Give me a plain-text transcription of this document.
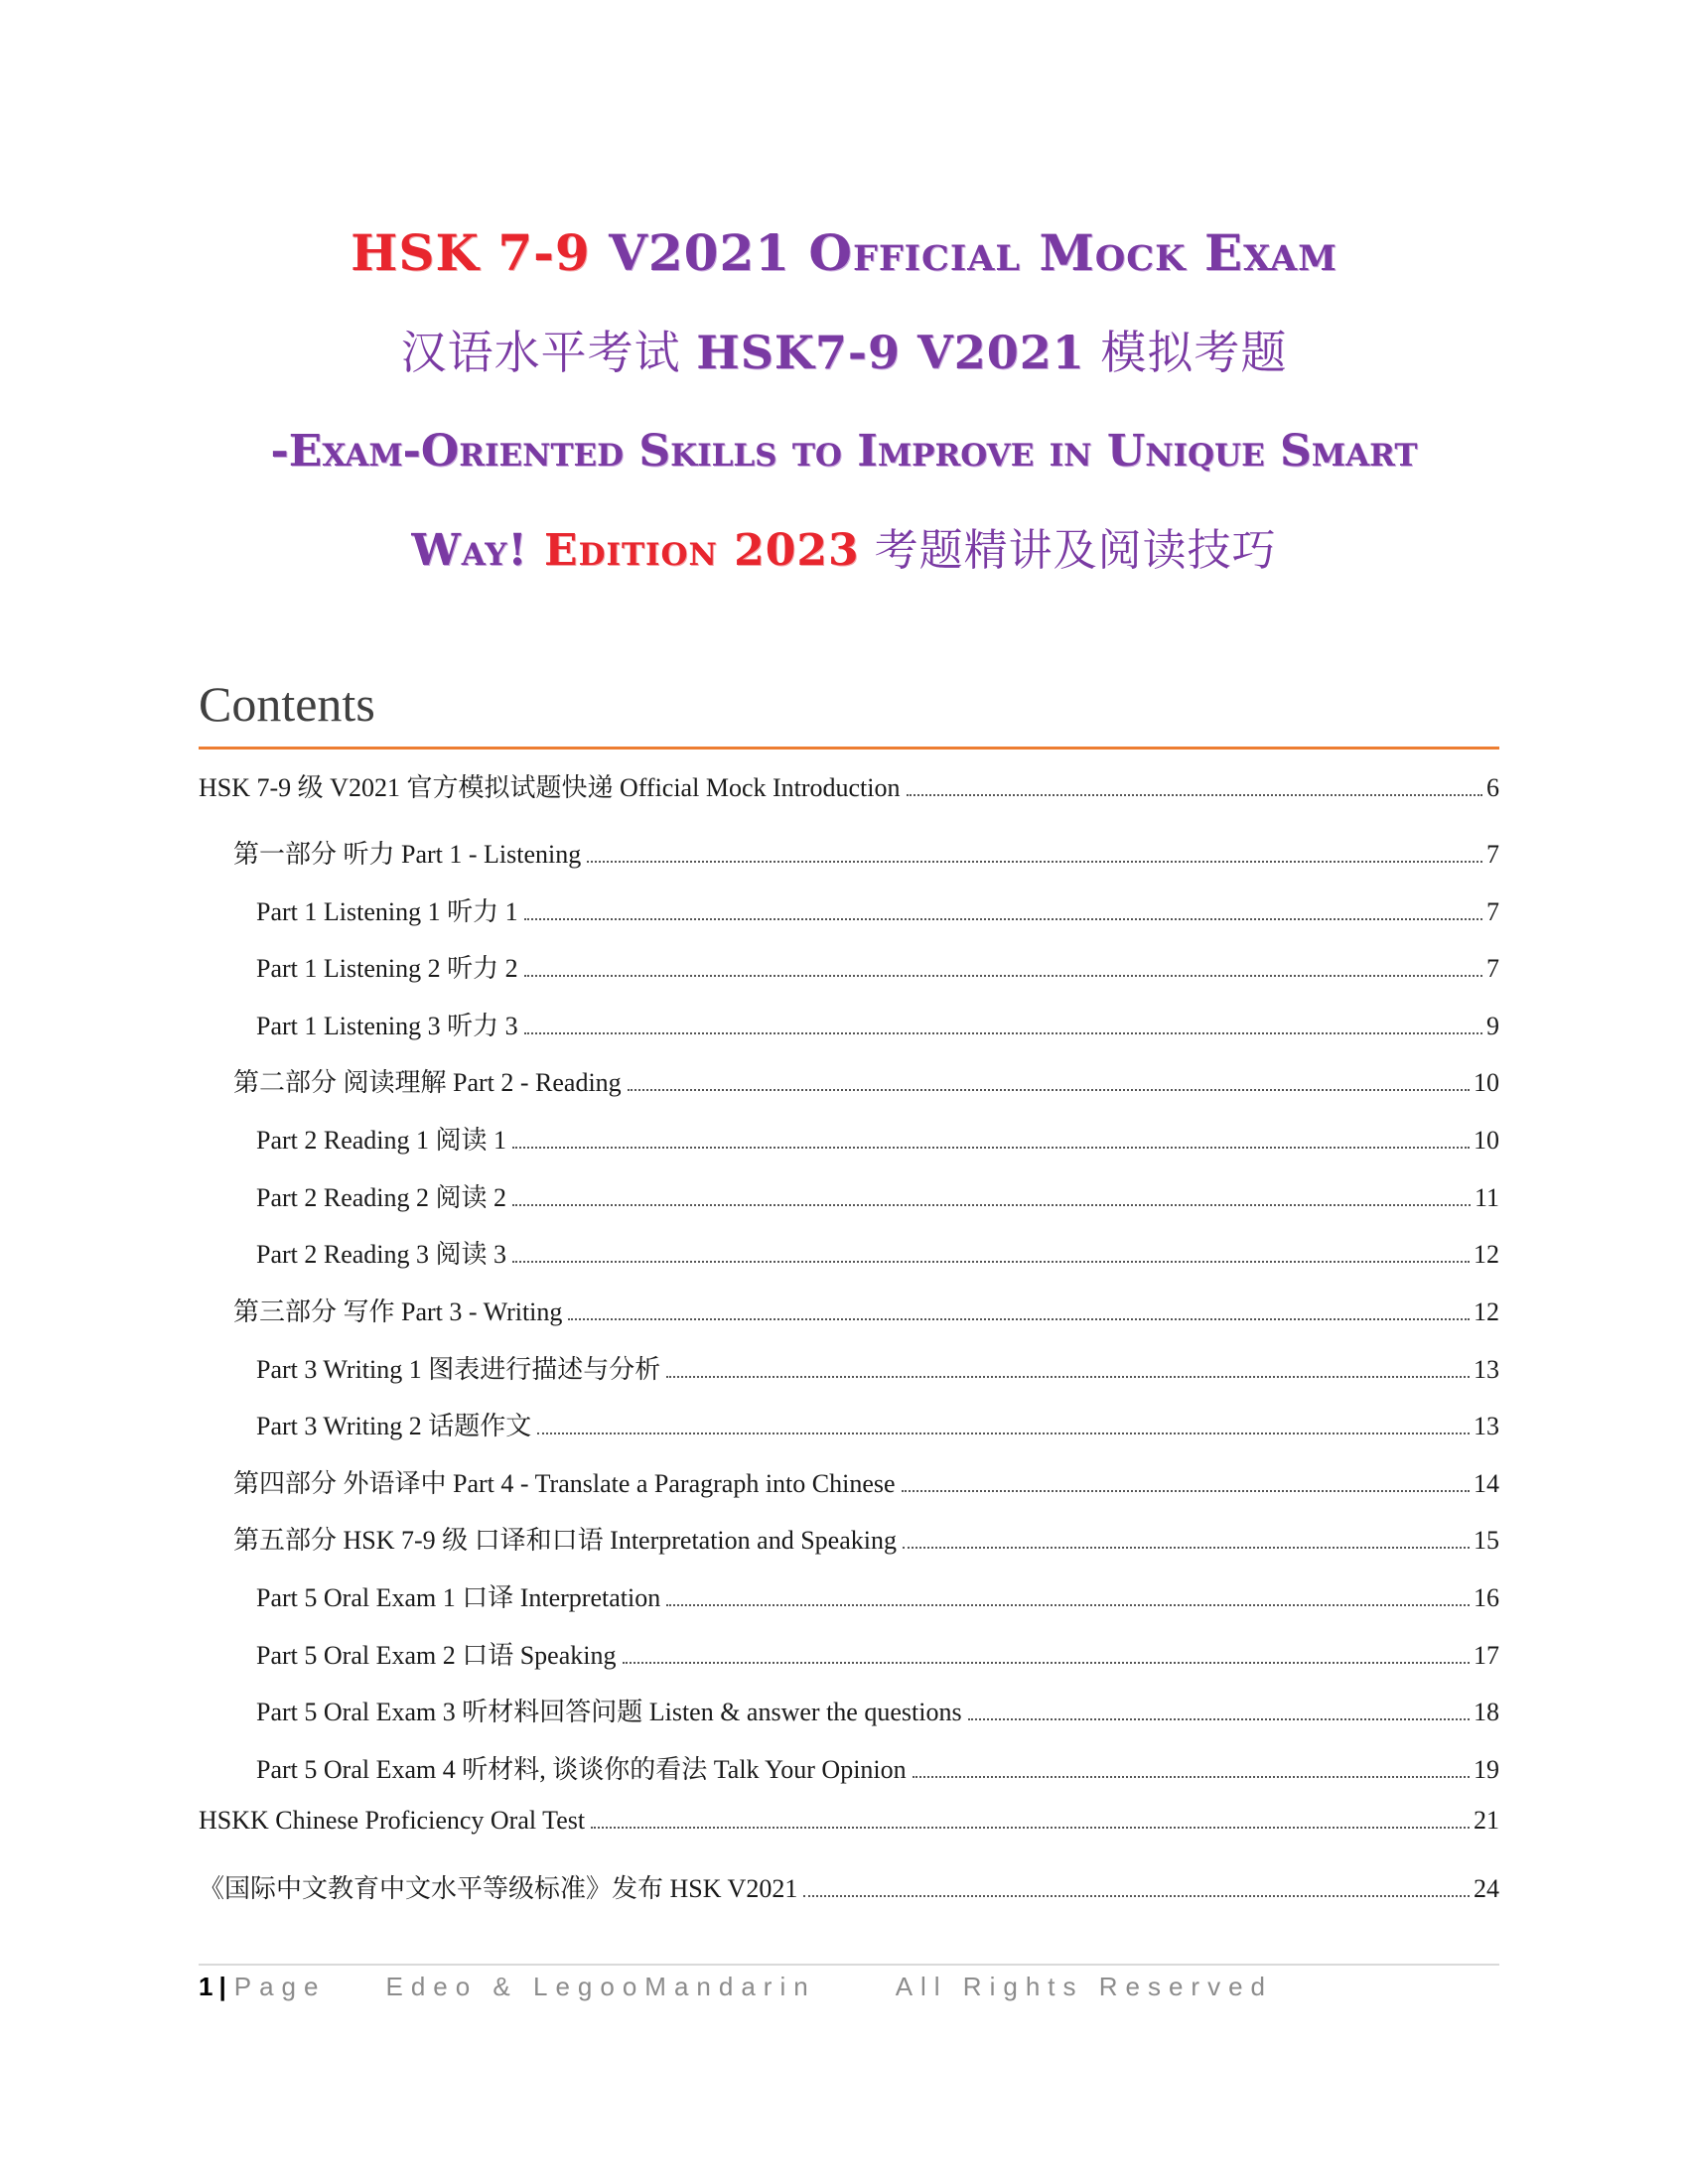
HSK 7-9 V2021 Official Mock Exam
汉语水平考试 HSK7-9 V2021 模拟考题
-Exam-Oriented Skills to Improve in Unique Smart
Way! Edition 2023 考题精讲及阅读技巧
Contents
HSK 7-9 级 V2021 官方模拟试题快递 Official Mock Introduction	6
第一部分 听力 Part 1 - Listening	7
Part 1 Listening 1 听力 1	7
Part 1 Listening 2 听力 2	7
Part 1 Listening 3 听力 3	9
第二部分 阅读理解 Part 2 - Reading	10
Part 2 Reading 1 阅读 1	10
Part 2 Reading 2 阅读 2	11
Part 2 Reading 3 阅读 3	12
第三部分 写作 Part 3 - Writing	12
Part 3 Writing 1 图表进行描述与分析	13
Part 3 Writing 2 话题作文	13
第四部分 外语译中 Part 4 - Translate a Paragraph into Chinese	14
第五部分 HSK 7-9 级 口译和口语 Interpretation and Speaking	15
Part 5 Oral Exam 1 口译 Interpretation	16
Part 5 Oral Exam 2 口语 Speaking	17
Part 5 Oral Exam 3 听材料回答问题 Listen & answer the questions	18
Part 5 Oral Exam 4 听材料, 谈谈你的看法 Talk Your Opinion	19
HSKK Chinese Proficiency Oral Test	21
《国际中文教育中文水平等级标准》发布 HSK V2021	24
1 | Page Edeo & LegooMandarin	All Rights Reserved
